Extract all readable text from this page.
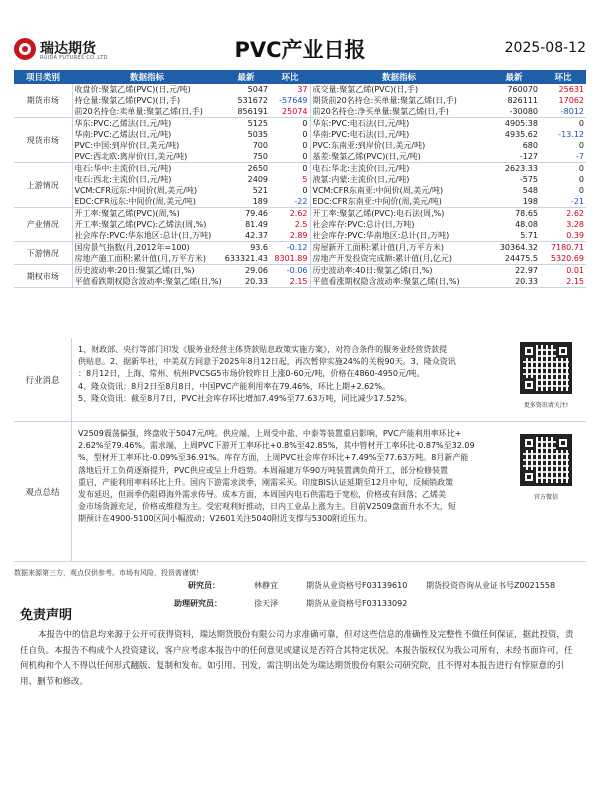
瑞达期货
RUIDA FUTURES CO.,LTD	PVC产业日报	2025-08-12
项目类别	数据指标	最新	环比	数据指标	最新	环比
期货市场	收盘价:聚氯乙烯(PVC)(日,元/吨)	5047	37	成交量:聚氯乙烯(PVC)(日,手)	760070	25631
	持仓量:聚氯乙烯(PVC)(日,手)	531672	-57649	期货前20名持仓:买单量:聚氯乙烯(日,手)	826111	17062
	前20名持仓:卖单量:聚氯乙烯(日,手)	856191	25074	前20名持仓:净买单量:聚氯乙烯(日,手)	-30080	-8012
现货市场	华东:PVC:乙烯法(日,元/吨)	5125	0	华东:PVC:电石法(日,元/吨)	4905.38	0
	华南:PVC:乙烯法(日,元/吨)	5035	0	华南:PVC:电石法(日,元/吨)	4935.62	-13.12
	PVC:中国:到岸价(日,美元/吨)	700	0	PVC:东南亚:到岸价(日,美元/吨)	680	0
	PVC:西北欧:离岸价(日,美元/吨)	750	0	基差:聚氯乙烯(PVC)(日,元/吨)	-127	-7
上游情况	电石:华中:主流价(日,元/吨)	2650	0	电石:华北:主流价(日,元/吨)	2623.33	0
	电石:西北:主流价(日,元/吨)	2409	5	液氯:内蒙:主流价(日,元/吨)	-575	0
	VCM:CFR远东:中间价(周,美元/吨)	521	0	VCM:CFR东南亚:中间价(周,美元/吨)	548	0
	EDC:CFR远东:中间价(周,美元/吨)	189	-22	EDC:CFR东南亚:中间价(周,美元/吨)	198	-21
产业情况	开工率:聚氯乙烯(PVC)(周,%)	79.46	2.62	开工率:聚氯乙烯(PVC):电石法(周,%)	78.65	2.62
	开工率:聚氯乙烯(PVC):乙烯法(周,%)	81.49	2.5	社会库存:PVC:总计(日,万吨)	48.08	3.28
	社会库存:PVC:华东地区:总计(日,万吨)	42.37	2.89	社会库存:PVC:华南地区:总计(日,万吨)	5.71	0.39
下游情况	国房景气指数(月,2012年=100)	93.6	-0.12	房屋新开工面积:累计值(月,万平方米)	30364.32	7180.71
	房地产施工面积:累计值(月,万平方米)	633321.43	8301.89	房地产开发投资完成额:累计值(月,亿元)	24475.5	5320.69
期权市场	历史波动率:20日:聚氯乙烯(日,%)	29.06	-0.06	历史波动率:40日:聚氯乙烯(日,%)	22.97	0.01
	平值看跌期权隐含波动率:聚氯乙烯(日,%)	20.33	2.15	平值看涨期权隐含波动率:聚氯乙烯(日,%)	20.33	2.15
行业消息
1、财政部、央行等部门印发《服务业经营主体贷款贴息政策实施方案》，对符合条件的服务业经营贷款提
供贴息。2、据新华社，中美双方同意于2025年8月12日起，再次暂停实施24%的关税90天。3、隆众资讯
：8月12日，上海、常州、杭州PVCSG5市场价较昨日上涨0-60元/吨，价格在4860-4950元/吨。
4、隆众资讯：8月2日至8月8日，中国PVC产能利用率在79.46%，环比上期+2.62%。
5、隆众资讯：截至8月7日，PVC社会库存环比增加7.49%至77.63万吨，同比减少17.52%。
更多资讯请关注!
观点总结
V2509震荡偏强，终盘收于5047元/吨。供应端，上周受中盐、中泰等装置重启影响，PVC产能利用率环比+
2.62%至79.46%。需求端，上周PVC下游开工率环比+0.8%至42.85%，其中管材开工率环比-0.87%至32.09
%，型材开工率环比-0.09%至36.91%。库存方面，上周PVC社会库存环比+7.49%至77.63万吨。8月新产能
落地后开工负荷逐渐提升，PVC供应或呈上升趋势。本周福建万华90万吨装置满负荷开工，部分检修装置
重启，产能利用率料环比上升。国内下游需求淡季，刚需采买。印度BIS认证延期至12月中旬，反倾销政策
发布延迟，但雨季仍阻碍海外需求传导。成本方面，本周国内电石供需趋于宽松，价格或有回落；乙烯美
金市场货源充足，价格或维稳为主。受宏观利好推动，日内工业品上涨为主。目前V2509盘面升水不大，短
期预计在4900-5100区间小幅波动；V2601关注5040附近支撑与5300附近压力。
官方微信
数据来源第三方，观点仅供参考。市场有风险，投资需谨慎！
研究员：	林静宜	期货从业资格号F03139610 期货投资咨询从业证书号Z0021558
助理研究员：	徐天泽	期货从业资格号F03133092
免责声明
本报告中的信息均来源于公开可获得资料，瑞达期货股份有限公司力求准确可靠，但对这些信息的准确性及完整性不做任何保证，据此投资，责任自负。本报告不构成个人投资建议，客户应考虑本报告中的任何意见或建议是否符合其特定状况。本报告版权仅为我公司所有，未经书面许可，任何机构和个人不得以任何形式翻版、复制和发布。如引用、刊发，需注明出处为瑞达期货股份有限公司研究院，且不得对本报告进行有悖原意的引用、删节和修改。
